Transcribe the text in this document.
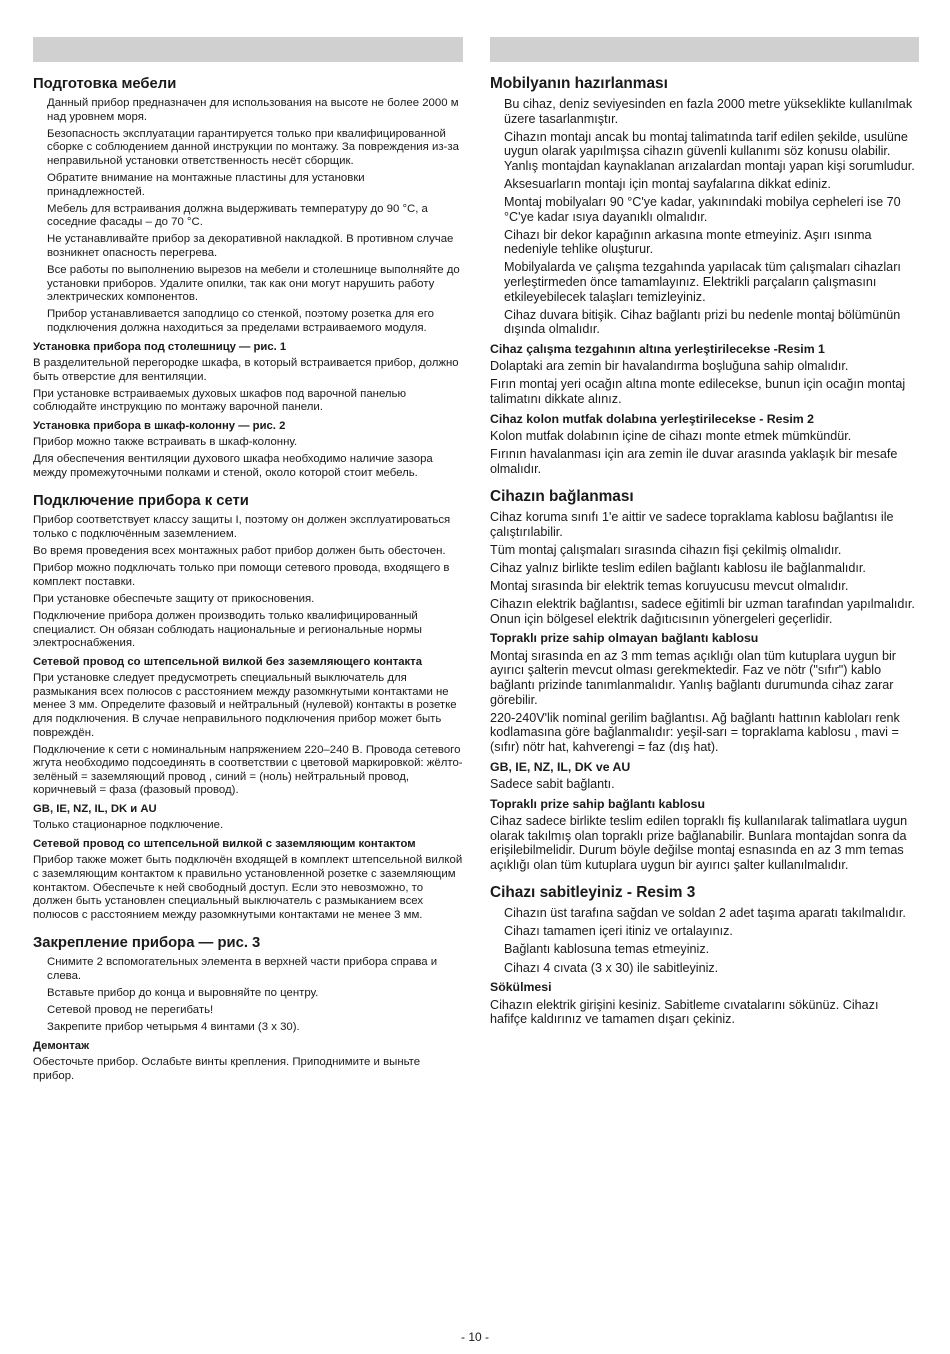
Подготовка мебели

Данный прибор предназначен для использования на высоте не более 2000 м над уровнем моря.

Безопасность эксплуатации гарантируется только при квалифицированной сборке с соблюдением данной инструкции по монтажу. За повреждения из-за неправильной установки ответственность несёт сборщик.

Обратите внимание на монтажные пластины для установки принадлежностей.

Мебель для встраивания должна выдерживать температуру до 90 °C, а соседние фасады – до 70 °C.

Не устанавливайте прибор за декоративной накладкой. В противном случае возникнет опасность перегрева.

Все работы по выполнению вырезов на мебели и столешнице выполняйте до установки приборов. Удалите опилки, так как они могут нарушить работу электрических компонентов.

Прибор устанавливается заподлицо со стенкой, поэтому розетка для его подключения должна находиться за пределами встраиваемого модуля.

Установка прибора под столешницу — рис. 1

В разделительной перегородке шкафа, в который встраивается прибор, должно быть отверстие для вентиляции.

При установке встраиваемых духовых шкафов под варочной панелью соблюдайте инструкцию по монтажу варочной панели.

Установка прибора в шкаф-колонну — рис. 2

Прибор можно также встраивать в шкаф-колонну.

Для обеспечения вентиляции духового шкафа необходимо наличие зазора между промежуточными полками и стеной, около которой стоит мебель.

Подключение прибора к сети

Прибор соответствует классу защиты I, поэтому он должен эксплуатироваться только с подключённым заземлением.

Во время проведения всех монтажных работ прибор должен быть обесточен.

Прибор можно подключать только при помощи сетевого провода, входящего в комплект поставки.

При установке обеспечьте защиту от прикосновения.

Подключение прибора должен производить только квалифицированный специалист. Он обязан соблюдать национальные и региональные нормы электроснабжения.

Сетевой провод со штепсельной вилкой без заземляющего контакта

При установке следует предусмотреть специальный выключатель для размыкания всех полюсов с расстоянием между разомкнутыми контактами не менее 3 мм. Определите фазовый и нейтральный (нулевой) контакты в розетке для подключения. В случае неправильного подключения прибор может быть повреждён.

Подключение к сети с номинальным напряжением 220–240 В. Провода сетевого жгута необходимо подсоединять в соответствии с цветовой маркировкой: жёлто-зелёный = заземляющий провод , синий = (ноль) нейтральный провод, коричневый = фаза (фазовый провод).

GB, IE, NZ, IL, DK и AU

Только стационарное подключение.

Сетевой провод со штепсельной вилкой с заземляющим контактом

Прибор также может быть подключён входящей в комплект штепсельной вилкой с заземляющим контактом к правильно установленной розетке с заземляющим контактом. Обеспечьте к ней свободный доступ. Если это невозможно, то должен быть установлен специальный выключатель с размыканием всех полюсов с расстоянием между разомкнутыми контактами не менее 3 мм.

Закрепление прибора — рис. 3

Снимите 2 вспомогательных элемента в верхней части прибора справа и слева.

Вставьте прибор до конца и выровняйте по центру.

Сетевой провод не перегибать!

Закрепите прибор четырьмя 4 винтами (3 x 30).

Демонтаж

Обесточьте прибор. Ослабьте винты крепления. Приподнимите и выньте прибор.

Mobilyanın hazırlanması

Bu cihaz, deniz seviyesinden en fazla 2000 metre yükseklikte kullanılmak üzere tasarlanmıştır.

Cihazın montajı ancak bu montaj talimatında tarif edilen şekilde, usulüne uygun olarak yapılmışsa cihazın güvenli kullanımı söz konusu olabilir. Yanlış montajdan kaynaklanan arızalardan montajı yapan kişi sorumludur.

Aksesuarların montajı için montaj sayfalarına dikkat ediniz.

Montaj mobilyaları 90 °C'ye kadar, yakınındaki mobilya cepheleri ise 70 °C'ye kadar ısıya dayanıklı olmalıdır.

Cihazı bir dekor kapağının arkasına monte etmeyiniz. Aşırı ısınma nedeniyle tehlike oluşturur.

Mobilyalarda ve çalışma tezgahında yapılacak tüm çalışmaları cihazları yerleştirmeden önce tamamlayınız. Elektrikli parçaların çalışmasını etkileyebilecek talaşları temizleyiniz.

Cihaz duvara bitişik. Cihaz bağlantı prizi bu nedenle montaj bölümünün dışında olmalıdır.

Cihaz çalışma tezgahının altına yerleştirilecekse -Resim 1

Dolaptaki ara zemin bir havalandırma boşluğuna sahip olmalıdır.

Fırın montaj yeri ocağın altına monte edilecekse, bunun için ocağın montaj talimatını dikkate alınız.

Cihaz kolon mutfak dolabına yerleştirilecekse - Resim 2

Kolon mutfak dolabının içine de cihazı monte etmek mümkündür.

Fırının havalanması için ara zemin ile duvar arasında yaklaşık bir mesafe olmalıdır.

Cihazın bağlanması

Cihaz koruma sınıfı 1'e aittir ve sadece topraklama kablosu bağlantısı ile çalıştırılabilir.

Tüm montaj çalışmaları sırasında cihazın fişi çekilmiş olmalıdır.

Cihaz yalnız birlikte teslim edilen bağlantı kablosu ile bağlanmalıdır.

Montaj sırasında bir elektrik temas koruyucusu mevcut olmalıdır.

Cihazın elektrik bağlantısı, sadece eğitimli bir uzman tarafından yapılmalıdır. Onun için bölgesel elektrik dağıtıcısının yönergeleri geçerlidir.

Topraklı prize sahip olmayan bağlantı kablosu

Montaj sırasında en az 3 mm temas açıklığı olan tüm kutuplara uygun bir ayırıcı şalterin mevcut olması gerekmektedir. Faz ve nötr ("sıfır") kablo bağlantı prizinde tanımlanmalıdır. Yanlış bağlantı durumunda cihaz zarar görebilir.

220-240V'lik nominal gerilim bağlantısı. Ağ bağlantı hattının kabloları renk kodlamasına göre bağlanmalıdır: yeşil-sarı = topraklama kablosu , mavi = (sıfır) nötr hat, kahverengi = faz (dış hat).

GB, IE, NZ, IL, DK ve AU

Sadece sabit bağlantı.

Topraklı prize sahip bağlantı kablosu

Cihaz sadece birlikte teslim edilen topraklı fiş kullanılarak talimatlara uygun olarak takılmış olan topraklı prize bağlanabilir. Bunlara montajdan sonra da erişilebilmelidir. Durum böyle değilse montaj esnasında en az 3 mm temas açıklığı olan tüm kutuplara uygun bir ayırıcı şalter kullanılmalıdır.

Cihazı sabitleyiniz - Resim 3

Cihazın üst tarafına sağdan ve soldan 2 adet taşıma aparatı takılmalıdır.

Cihazı tamamen içeri itiniz ve ortalayınız.

Bağlantı kablosuna temas etmeyiniz.

Cihazı 4 cıvata (3 x 30) ile sabitleyiniz.

Sökülmesi

Cihazın elektrik girişini kesiniz. Sabitleme cıvatalarını sökünüz. Cihazı hafifçe kaldırınız ve tamamen dışarı çekiniz.

- 10 -
